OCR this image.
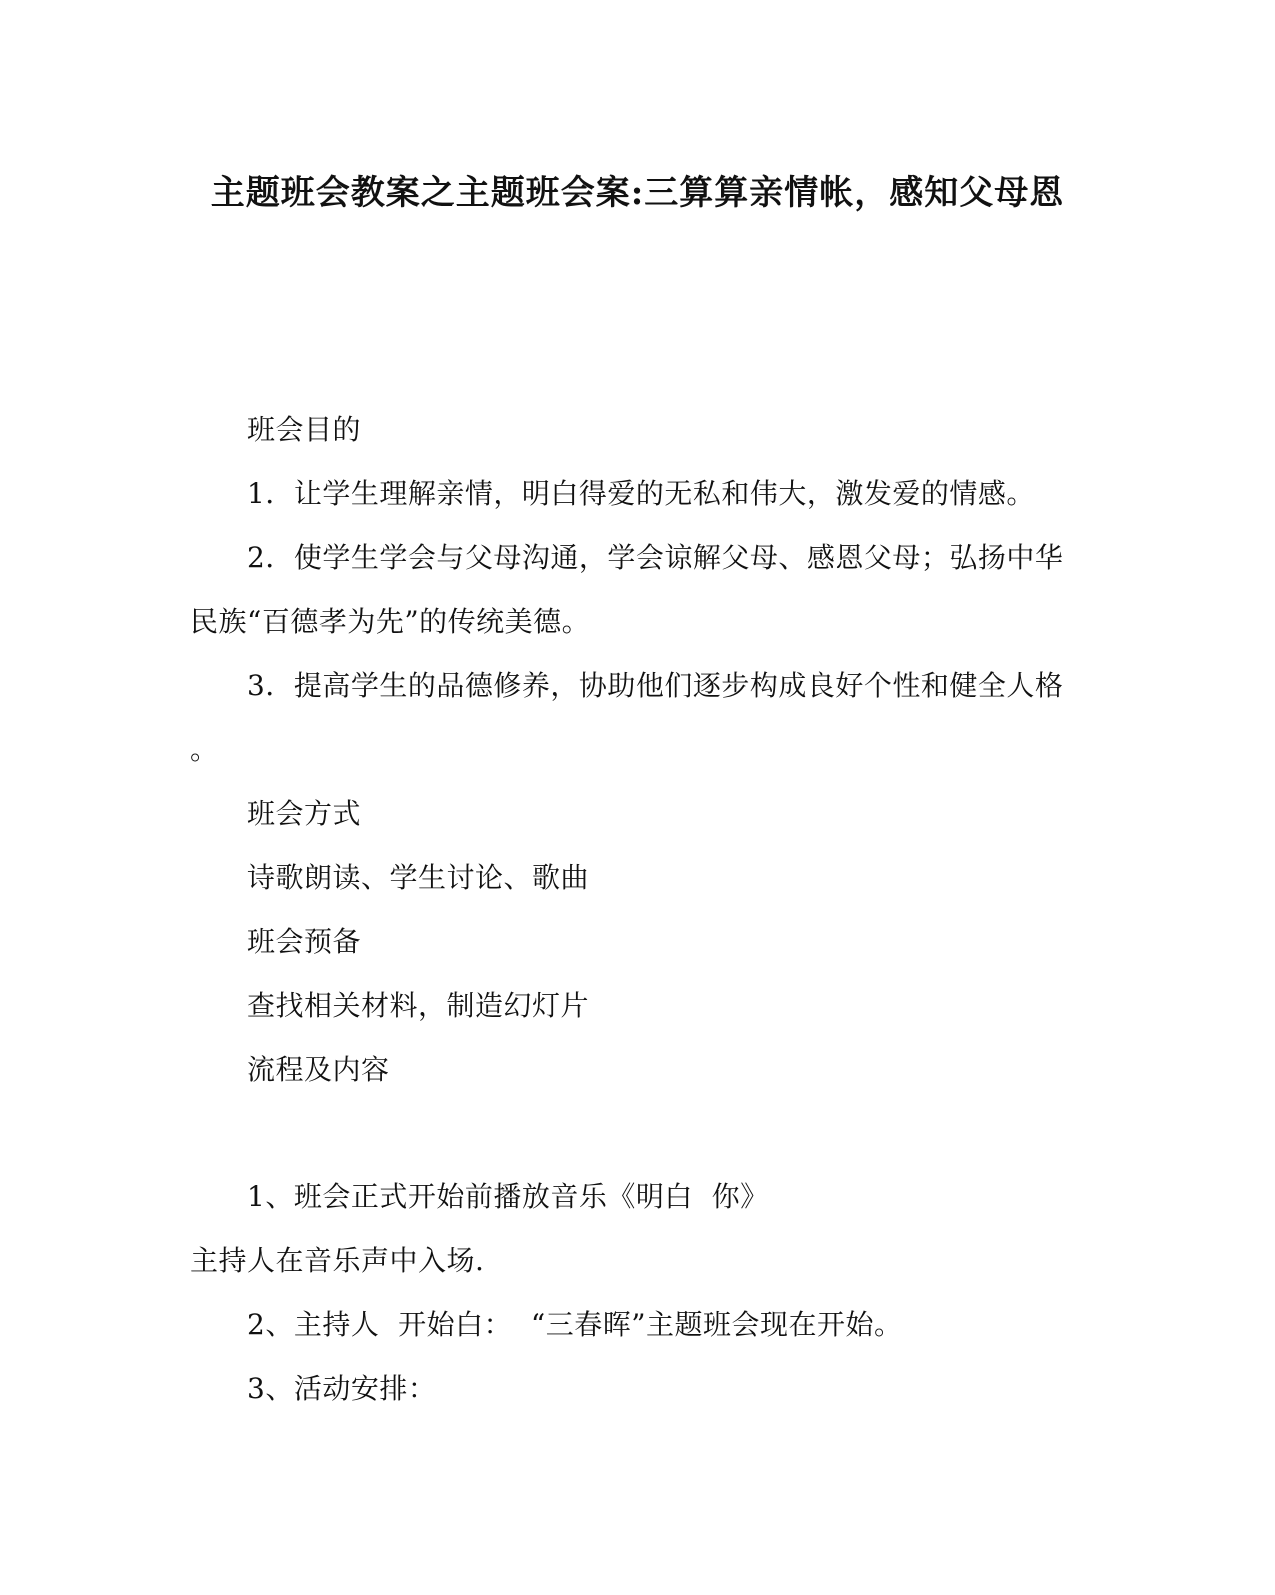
主题班会教案之主题班会案:三算算亲情帐，感知父母恩

班会目的

1．让学生理解亲情，明白得爱的无私和伟大，激发爱的情感。

2．使学生学会与父母沟通，学会谅解父母、感恩父母；弘扬中华民族“百德孝为先”的传统美德。

3．提高学生的品德修养，协助他们逐步构成良好个性和健全人格

。

班会方式

诗歌朗读、学生讨论、歌曲

班会预备

查找相关材料，制造幻灯片

流程及内容

1、班会正式开始前播放音乐《明白  你》

主持人在音乐声中入场.

2、主持人  开始白：  “三春晖”主题班会现在开始。

3、活动安排：
